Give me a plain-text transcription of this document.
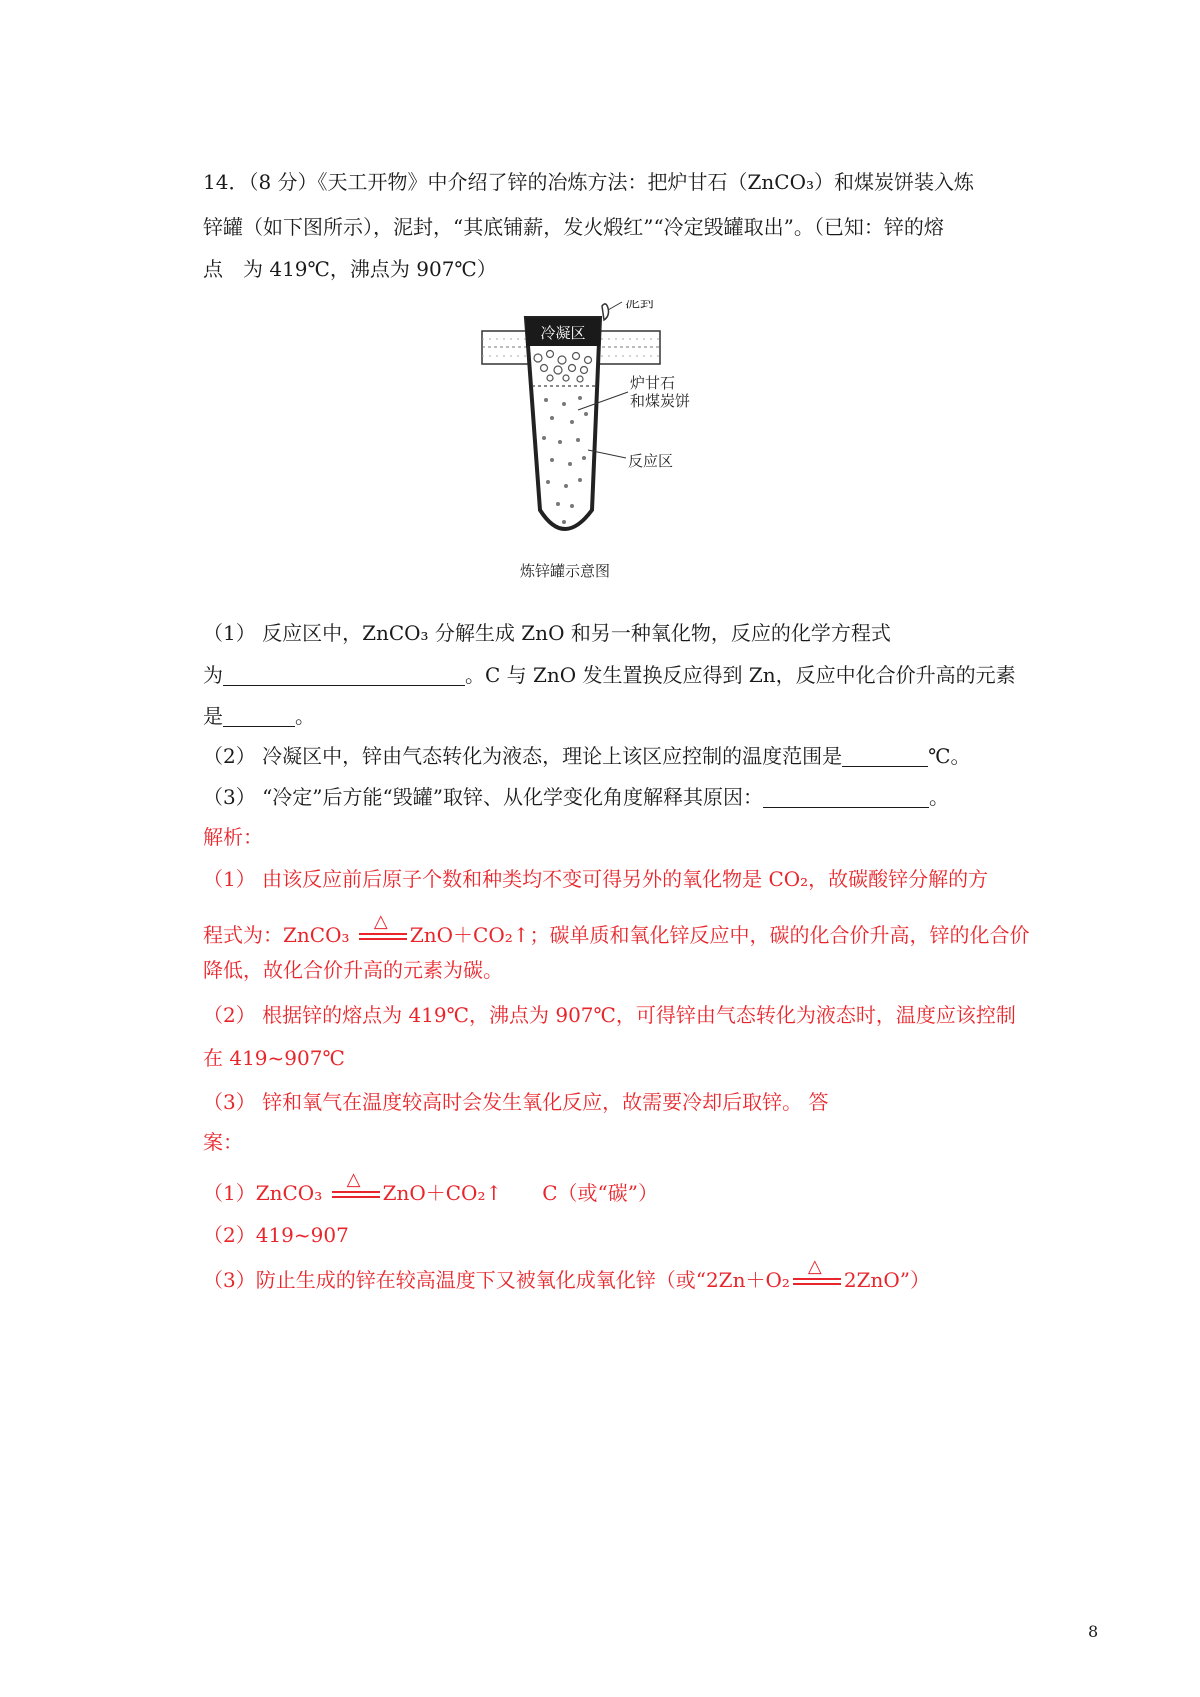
14．（8 分）《天工开物》中介绍了锌的冶炼方法：把炉甘石（ZnCO₃）和煤炭饼装入炼
锌罐（如下图所示），泥封，“其底铺薪，发火煅红”“冷定毁罐取出”。（已知：锌的熔
点　为 419℃，沸点为 907℃）
冷凝区
泥封
炉甘石
和煤炭饼
反应区
炼锌罐示意图
（1） 反应区中，ZnCO₃ 分解生成 ZnO 和另一种氧化物，反应的化学方程式
为	。C 与 ZnO 发生置换反应得到 Zn，反应中化合价升高的元素
是	。
（2） 冷凝区中，锌由气态转化为液态，理论上该区应控制的温度范围是	℃。
（3） “冷定”后方能“毁罐”取锌、从化学变化角度解释其原因：	。
解析：
（1） 由该反应前后原子个数和种类均不变可得另外的氧化物是 CO₂，故碳酸锌分解的方
程式为：ZnCO₃
△
ZnO＋CO₂↑；碳单质和氧化锌反应中，碳的化合价升高，锌的化合价
降低，故化合价升高的元素为碳。
（2） 根据锌的熔点为 419℃，沸点为 907℃，可得锌由气态转化为液态时，温度应该控制
在 419~907℃
（3） 锌和氧气在温度较高时会发生氧化反应，故需要冷却后取锌。 答
案：
（1）ZnCO₃
△
ZnO＋CO₂↑　　C（或“碳”）
（2）419~907
（3）防止生成的锌在较高温度下又被氧化成氧化锌（或“2Zn＋O₂
△
2ZnO”）
8
